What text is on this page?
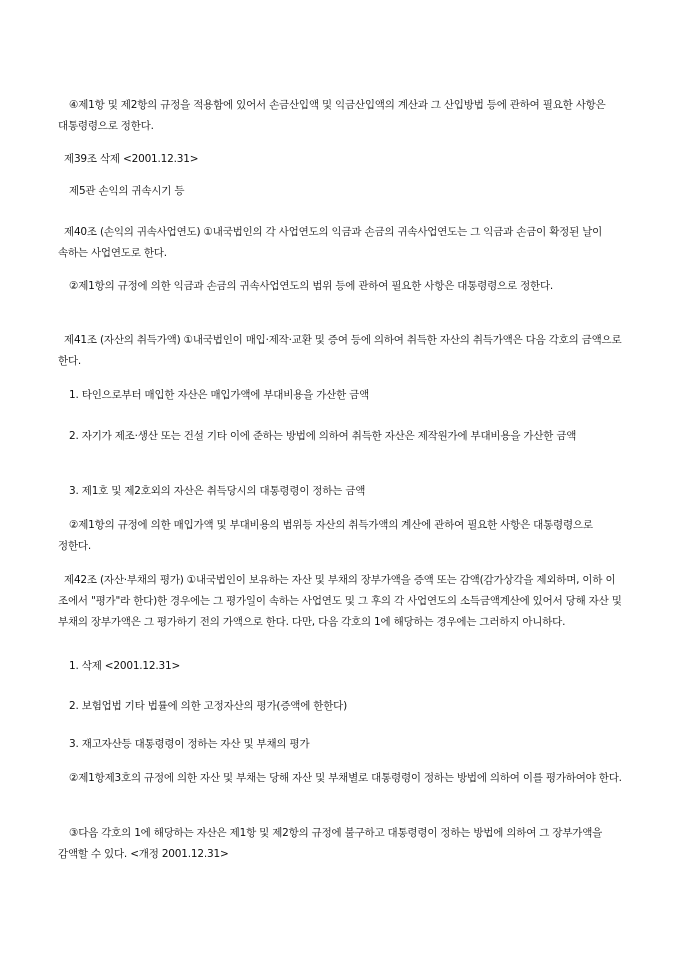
④제1항 및 제2항의 규정을 적용함에 있어서 손금산입액 및 익금산입액의 계산과 그 산입방법 등에 관하여 필요한 사항은 대통령령으로 정한다.

제39조 삭제 <2001.12.31>

제5관 손익의 귀속시기 등

제40조 (손익의 귀속사업연도) ①내국법인의 각 사업연도의 익금과 손금의 귀속사업연도는 그 익금과 손금이 확정된 날이 속하는 사업연도로 한다.

②제1항의 규정에 의한 익금과 손금의 귀속사업연도의 범위 등에 관하여 필요한 사항은 대통령령으로 정한다.

제41조 (자산의 취득가액) ①내국법인이 매입·제작·교환 및 증여 등에 의하여 취득한 자산의 취득가액은 다음 각호의 금액으로 한다.

1. 타인으로부터 매입한 자산은 매입가액에 부대비용을 가산한 금액

2. 자기가 제조·생산 또는 건설 기타 이에 준하는 방법에 의하여 취득한 자산은 제작원가에 부대비용을 가산한 금액

3. 제1호 및 제2호외의 자산은 취득당시의 대통령령이 정하는 금액

②제1항의 규정에 의한 매입가액 및 부대비용의 범위등 자산의 취득가액의 계산에 관하여 필요한 사항은 대통령령으로 정한다.

제42조 (자산·부채의 평가) ①내국법인이 보유하는 자산 및 부채의 장부가액을 증액 또는 감액(감가상각을 제외하며, 이하 이 조에서 "평가"라 한다)한 경우에는 그 평가일이 속하는 사업연도 및 그 후의 각 사업연도의 소득금액계산에 있어서 당해 자산 및 부채의 장부가액은 그 평가하기 전의 가액으로 한다. 다만, 다음 각호의 1에 해당하는 경우에는 그러하지 아니하다.

1. 삭제 <2001.12.31>

2. 보험업법 기타 법률에 의한 고정자산의 평가(증액에 한한다)

3. 재고자산등 대통령령이 정하는 자산 및 부채의 평가

②제1항제3호의 규정에 의한 자산 및 부채는 당해 자산 및 부채별로 대통령령이 정하는 방법에 의하여 이를 평가하여야 한다.

③다음 각호의 1에 해당하는 자산은 제1항 및 제2항의 규정에 불구하고 대통령령이 정하는 방법에 의하여 그 장부가액을 감액할 수 있다. <개정 2001.12.31>
